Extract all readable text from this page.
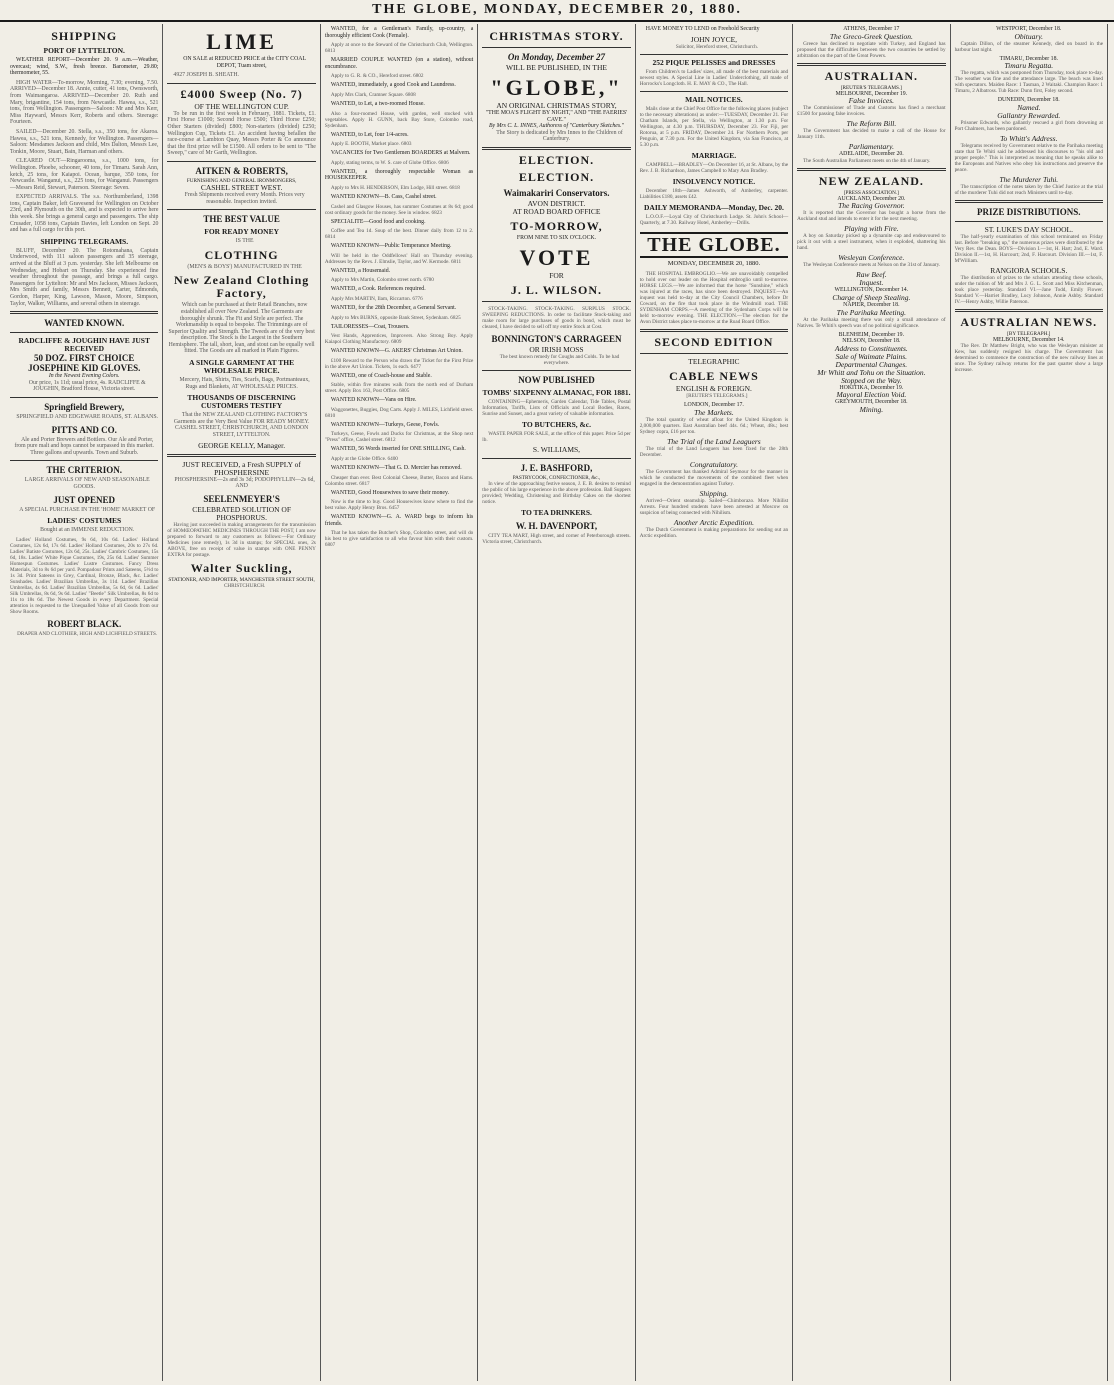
THE GLOBE, MONDAY, DECEMBER 20, 1880.
SHIPPING
PORT OF LYTTELTON.

WEATHER REPORT—December 20. 9 a.m.—Weather, overcast; wind, S.W., fresh breeze. Barometer, 29.80; thermometer, 55.

HIGH WATER—To-morrow, Morning, 7.30; evening, 7.50. ARRIVED—December 18. Annie, cutter, 41 tons, Ownsworth, from Waimangaroa. ARRIVED—December 20. Ruth and Mary, brigantine, 154 tons, from Newcastle. Hawea, s.s., 521 tons, from Wellington. Passengers—Saloon: Mr and Mrs Kerr, Miss Hayward, Messrs Kerr, Roberts and others. Steerage: Fourteen.

SAILED—December 20. Stella, s.s., 350 tons, for Akaroa. Hawea, s.s., 521 tons, Kennedy, for Wellington. Passengers—Saloon: Mesdames Jackson and child, Mrs Dalton, Messrs Lee, Tonkin, Moore, Stuart, Bain, Harman and others.

CLEARED OUT—Ringarooma, s.s., 1000 tons, for Wellington. Phoebe, schooner, 40 tons, for Timaru. Sarah Ann, ketch, 25 tons, for Kaiapoi. Ocean, barque, 350 tons, for Newcastle. Wanganui, s.s., 225 tons, for Wanganui. Passengers—Messrs Reid, Stewart, Paterson. Steerage: Seven.

EXPECTED ARRIVALS. The s.s. Northumberland, 1398 tons, Captain Baker, left Gravesend for Wellington on October 23rd, and Plymouth on the 30th, and is expected to arrive here this week. She brings a general cargo and passengers. The ship Crusader, 1058 tons, Captain Davies, left London on Sept. 20 and has a full cargo for this port.

SHIPPING TELEGRAMS.

BLUFF, December 20. The Rotomahana, Captain Underwood, with 111 saloon passengers and 35 steerage, arrived at the Bluff at 3 p.m. yesterday. She left Melbourne on Wednesday, and Hobart on Thursday. She experienced fine weather throughout the passage, and brings a full cargo. Passengers for Lyttelton: Mr and Mrs Jackson, Misses Jackson, Mrs Smith and family, Messrs Bennett, Carter, Edmonds, Gordon, Harper, King, Lawson, Mason, Moore, Simpson, Taylor, Walker, Williams, and several others in steerage.

WANTED KNOWN.
RADCLIFFE & JOUGHIN HAVE JUST RECEIVED
50 DOZ. FIRST CHOICE JOSEPHINE KID GLOVES.
In the Newest Evening Colors.

Our price, 1s 11d; usual price, 4s. RADCLIFFE & JOUGHIN, Bradford House, Victoria street.

Springfield Brewery,

SPRINGFIELD AND EDGEWARE ROADS, ST. ALBANS.

PITTS AND CO.

Ale and Porter Brewers and Bottlers. Our Ale and Porter, from pure malt and hops cannot be surpassed in this market. Three gallons and upwards. Town and Suburb.

THE CRITERION.

LARGE ARRIVALS OF NEW AND SEASONABLE GOODS.

JUST OPENED

A SPECIAL PURCHASE IN THE 'HOME' MARKET OF

LADIES' COSTUMES

Bought at an IMMENSE REDUCTION.

Ladies' Holland Costumes, 9s 6d, 10s 6d. Ladies' Holland Costumes, 12s 6d, 17s 6d. Ladies' Holland Costumes, 20s to 27s 6d. Ladies' Batiste Costumes, 12s 6d, 25s. Ladies' Cambric Costumes, 15s 6d, 18s. Ladies' White Pique Costumes, 19s, 25s 6d. Ladies' Summer Homespun Costumes. Ladies' Lustre Costumes. Fancy Dress Materials, 3d to 8s 6d per yard. Pompadour Prints and Sateens, 5½d to 1s 3d. Print Sateens in Grey, Cardinal, Bronze, Black, &c. Ladies' Sunshades. Ladies' Brazilian Umbrellas, 3s 11d. Ladies' Brazilian Umbrellas, 4s 6d. Ladies' Brazilian Umbrellas, 5s 6d, 6s 6d. Ladies' Silk Umbrellas, 8s 6d, 9s 6d. Ladies' "Beetle" Silk Umbrellas, 8s 6d to 11s to 18s 6d. The Newest Goods in every Department. Special attention is requested to the Unequalled Value of all Goods from our Show Rooms.

ROBERT BLACK.

DRAPER AND CLOTHIER, HIGH AND LICHFIELD STREETS.

LIME

ON SALE at REDUCED PRICE at the CITY COAL DEPOT, Tuam street,

4927 JOSEPH B. SHEATH.

£4000 Sweep (No. 7)
OF THE WELLINGTON CUP.

To be run in the first week in February, 1881. Tickets, £1. First Horse £1000; Second Horse £500; Third Horse £250; Other Starters (divided) £800; Non-starters (divided) £250; Wellington Cup, Tickets £1. An accident having befallen the race-course at Lambton Quay, Messrs Porter & Co announce that the first prize will be £1500. All orders to be sent to "The Sweep," care of Mr Garth, Wellington.

AITKEN & ROBERTS,
FURNISHING AND GENERAL IRONMONGERS,
CASHEL STREET WEST.

Fresh Shipments received every Month. Prices very reasonable. Inspection invited.

THE BEST VALUE
FOR READY MONEY

IS THE

CLOTHING

(MEN'S & BOYS') MANUFACTURED IN THE

New Zealand Clothing Factory,

Which can be purchased at their Retail Branches, now established all over New Zealand. The Garments are thoroughly shrunk. The Fit and Style are perfect. The Workmanship is equal to bespoke. The Trimmings are of Superior Quality and Strength. The Tweeds are of the very best description. The Stock is the Largest in the Southern Hemisphere. The tall, short, lean, and stout can be equally well fitted. The Goods are all marked in Plain Figures.

A SINGLE GARMENT AT THE WHOLESALE PRICE.

Mercery, Hats, Shirts, Ties, Scarfs, Bags, Portmanteaux, Rugs and Blankets, AT WHOLESALE PRICES.

THOUSANDS OF DISCERNING CUSTOMERS TESTIFY

That the NEW ZEALAND CLOTHING FACTORY'S Garments are the Very Best Value FOR READY MONEY. CASHEL STREET, CHRISTCHURCH, AND LONDON STREET, LYTTELTON.

GEORGE KELLY, Manager.
JUST RECEIVED, a Fresh SUPPLY of PHOSPHERSINE

PHOSPHERSINE—2s and 3s 3d; PODOPHYLLIN—2s 6d, AND

SEELENMEYER'S
CELEBRATED SOLUTION OF PHOSPHORUS.

Having just succeeded in making arrangements for the transmission of HOMŒOPATHIC MEDICINES THROUGH THE POST, I am now prepared to forward to any customers as follows:—For Ordinary Medicines (one remedy), 1s 3d in stamps; for SPECIAL ones, 2s ABOVE, free on receipt of value in stamps with ONE PENNY EXTRA for postage.

Walter Suckling,
STATIONER, AND IMPORTER, MANCHESTER STREET SOUTH,

CHRISTCHURCH.

WANTED, for a Gentleman's Family, up-country, a thoroughly efficient Cook (Female).

Apply at once to the Steward of the Christchurch Club, Wellington. 6813

MARRIED COUPLE WANTED (on a station), without encumbrance.

Apply to G. R. & CO., Hereford street. 6802

WANTED, immediately, a good Cook and Laundress.

Apply Mrs Clark, Cramner Square. 6808

WANTED, to Let, a two-roomed House.

Also a four-roomed House, with garden, well stocked with vegetables. Apply H. GUNN, back Bay Store, Colombo road, Sydenham.

WANTED, to Let, four 1/4-acres.

Apply E. BOOTH, Market place. 6803

VACANCIES for Two Gentlemen BOARDERS at Malvern.

Apply, stating terms, to W. S. care of Globe Office. 6806

WANTED, a thoroughly respectable Woman as HOUSEKEEPER.

Apply to Mrs H. HENDERSON, Elm Lodge, Hill street. 6818

WANTED KNOWN—B. Cass, Cashel street.

Cashel and Glasgow Houses, has summer Costumes at 8s 6d; good cost ordinary goods for the money. See in window. 6823

SPECIALITE—Good food and cooking.

Coffee and Tea 1d. Soup of the best. Dinner daily from 12 to 2. 6814

WANTED KNOWN—Public Temperance Meeting.

Will be held in the Oddfellows' Hall on Thursday evening. Addresses by the Revs. J. Elmslie, Taylor, and W. Kermode. 6811

WANTED, a Housemaid.

Apply to Mrs Martin, Colombo street north. 6780

WANTED, a Cook. References required.

Apply Mrs MARTIN, Ilam, Riccarton. 6776

WANTED, for the 28th December, a General Servant.

Apply to Mrs BURNS, opposite Bank Street, Sydenham. 6825

TAILORESSES—Coat, Trousers.

Vest Hands, Apprentices, Improvers. Also Strong Boy. Apply Kaiapoi Clothing Manufactory. 6809

WANTED KNOWN—G. AKERS' Christmas Art Union.

£100 Reward to the Person who draws the Ticket for the First Prize in the above Art Union. Tickets, 1s each. 6477

WANTED, one of Coach-house and Stable.

Stable, within five minutes walk from the north end of Durham street. Apply Box 163, Post Office. 6805

WANTED KNOWN—Vans on Hire.

Waggonettes, Buggies, Dog Carts. Apply J. MILES, Lichfield street. 6810

WANTED KNOWN—Turkeys, Geese, Fowls.

Turkeys, Geese, Fowls and Ducks for Christmas, at the Shop next "Press" office, Cashel street. 6812

WANTED, 56 Words inserted for ONE SHILLING, Cash.

Apply at the Globe Office. 6400

WANTED KNOWN—That G. D. Mercier has removed.

Cheaper than ever. Best Colonial Cheese, Butter, Bacon and Hams. Colombo street. 6817

WANTED, Good Housewives to save their money.

Now is the time to buy. Good Housewives know where to find the best value. Apply Henry Bros. 6457

WANTED KNOWN—G. A. WARD begs to inform his friends.

That he has taken the Butcher's Shop, Colombo street, and will do his best to give satisfaction to all who favour him with their custom. 6807

CHRISTMAS STORY.
On Monday, December 27
WILL BE PUBLISHED, IN THE
"GLOBE,"
AN ORIGINAL CHRISTMAS STORY,
"THE MOA'S FLIGHT BY NIGHT," AND "THE FAERIES' CAVE."
By Mrs C. L. INNES, Authoress of "Canterbury Sketches."

The Story is dedicated by Mrs Innes to the Children of Canterbury.

ELECTION.
ELECTION.
Waimakariri Conservators.
AVON DISTRICT.
AT ROAD BOARD OFFICE
TO-MORROW,
FROM NINE TO SIX O'CLOCK.
VOTE
FOR
J. L. WILSON.

STOCK-TAKING. STOCK-TAKING. SURPLUS STOCK. SWEEPING REDUCTIONS. In order to facilitate Stock-taking and make room for large purchases of goods in bond, which must be cleared, I have decided to sell off my entire Stock at Cost.

BONNINGTON'S CARRAGEEN
OR IRISH MOSS

The best known remedy for Coughs and Colds. To be had everywhere.

NOW PUBLISHED
TOMBS' SIXPENNY ALMANAC, FOR 1881.

CONTAINING—Ephemeris, Garden Calendar, Tide Tables, Postal Information, Tariffs, Lists of Officials and Local Bodies, Races, Sunrise and Sunset, and a great variety of valuable information.

TO BUTCHERS, &c.

WASTE PAPER FOR SALE, at the office of this paper. Price 5d per lb.

S. WILLIAMS,
J. E. BASHFORD,
PASTRYCOOK, CONFECTIONER, &c.,

In view of the approaching festive season, J. E. B. desires to remind the public of his large experience in the above profession. Ball Suppers provided; Wedding, Christening and Birthday Cakes on the shortest notice.

TO TEA DRINKERS.
W. H. DAVENPORT,

CITY TEA MART, High street, and corner of Peterborough streets. Victoria street, Christchurch.

HAVE MONEY TO LEND on Freehold Security

JOHN JOYCE,

Solicitor, Hereford street, Christchurch.

252 PIQUE PELISSES and DRESSES

From Children's to Ladies' sizes, all made of the best materials and newest styles. A Special Line in Ladies' Underclothing, all made of Horrocks's Longcloth. H. E. MAY & CO., The Hall.

MAIL NOTICES.

Mails close at the Chief Post Office for the following places (subject to the necessary alterations) as under:—TUESDAY, December 21. For Chatham Islands, per Stella, via Wellington, at 1.30 p.m. For Wellington, at 4.30 p.m. THURSDAY, December 23. For Fiji, per Rotorua, at 5 p.m. FRIDAY, December 24. For Northern Ports, per Penguin, at 7.30 p.m. For the United Kingdom, via San Francisco, at 5.30 p.m.

MARRIAGE.

CAMPBELL—BRADLEY—On December 16, at St. Albans, by the Rev. J. B. Richardson, James Campbell to Mary Ann Bradley.

INSOLVENCY NOTICE.

December 18th—James Ashworth, of Amberley, carpenter. Liabilities £180, assets £42.

DAILY MEMORANDA—Monday, Dec. 20.

L.O.O.F.—Loyal City of Christchurch Lodge. St. John's School—Quarterly, at 7.30. Railway Hotel, Amberley—Drills.

THE GLOBE.
MONDAY, DECEMBER 20, 1880.

THE HOSPITAL EMBROGLIO.—We are unavoidably compelled to hold over our leader on the Hospital embroglio until to-morrow. HORSE LEGS.—We are informed that the horse "Sunshine," which was injured at the races, has since been destroyed. INQUEST.—An inquest was held to-day at the City Council Chambers, before Dr Coward, on the fire that took place in the Windmill road. THE SYDENHAM CORPS.—A meeting of the Sydenham Corps will be held to-morrow evening. THE ELECTION.—The election for the Avon District takes place to-morrow at the Road Board Office.

SECOND EDITION
TELEGRAPHIC
CABLE NEWS
ENGLISH & FOREIGN.

[REUTER'S TELEGRAMS.]

LONDON, December 17.
The Markets.

The total quantity of wheat afloat for the United Kingdom is 2,000,000 quarters. East Australian beef 44s. 6d.; Wheat, 48s.; best Sydney copra, £16 per ton.

The Trial of the Land Leaguers

The trial of the Land Leaguers has been fixed for the 28th December.

Congratulatory.

The Government has thanked Admiral Seymour for the manner in which he conducted the movements of the combined fleet when engaged in the demonstration against Turkey.

Shipping.

Arrived—Orient steamship. Sailed—Chimborazo. More Nihilist Arrests. Four hundred students have been arrested at Moscow on suspicion of being connected with Nihilism.

Another Arctic Expedition.

The Dutch Government is making preparations for sending out an Arctic expedition.

ATHENS, December 17
The Greco-Greek Question.

Greece has declined to negotiate with Turkey, and England has proposed that the difficulties between the two countries be settled by arbitration on the part of the Great Powers.

AUSTRALIAN.
[REUTER'S TELEGRAMS.]
MELBOURNE, December 19.
False Invoices.

The Commissioner of Trade and Customs has fined a merchant £1500 for passing false invoices.

The Reform Bill.

The Government has decided to make a call of the House for January 11th.

Parliamentary.
ADELAIDE, December 20.

The South Australian Parliament meets on the 4th of January.

NEW ZEALAND.
[PRESS ASSOCIATION.]
AUCKLAND, December 20.
The Racing Governor.

It is reported that the Governor has bought a horse from the Auckland stud and intends to enter it for the next meeting.

Playing with Fire.

A boy on Saturday picked up a dynamite cap and endeavoured to pick it out with a steel instrument, when it exploded, shattering his hand.

Wesleyan Conference.

The Wesleyan Conference meets at Nelson on the 31st of January.

Raw Beef.
Inquest.
WELLINGTON, December 14.
Charge of Sheep Stealing.
NAPIER, December 18.
The Parihaka Meeting.

At the Parihaka meeting there was only a small attendance of Natives. Te Whiti's speech was of no political significance.

BLENHEIM, December 19.
NELSON, December 18.
Address to Constituents.
Sale of Waimate Plains.
Departmental Changes.
Mr Whitt and Tohu on the Situation.
Stopped on the Way.
HOKITIKA, December 19.
Mayoral Election Void.
GREYMOUTH, December 18.
Mining.
WESTPORT, December 18.
Obituary.

Captain Dillon, of the steamer Kennedy, died on board in the harbour last night.

TIMARU, December 18.
Timaru Regatta.

The regatta, which was postponed from Thursday, took place to-day. The weather was fine and the attendance large. The beach was lined with spectators. Maiden Race: 1 Tasman, 2 Waitaki. Champion Race: 1 Timaru, 2 Albatross. Tub Race: Dunn first, Foley second.

DUNEDIN, December 18.
Named.
Gallantry Rewarded.

Prisoner Edwards, who gallantly rescued a girl from drowning at Port Chalmers, has been pardoned.

To Whitt's Address.

Telegrams received by Government relative to the Parihaka meeting state that Te Whiti said he addressed his discourses to "his old and proper people." This is interpreted as meaning that he speaks alike to the Europeans and Natives who obey his instructions and preserve the peace.

The Murderer Tuhi.

The transcription of the notes taken by the Chief Justice at the trial of the murderer Tuhi did not reach Ministers until to-day.

PRIZE DISTRIBUTIONS.
ST. LUKE'S DAY SCHOOL.

The half-yearly examination of this school terminated on Friday last. Before "breaking up," the numerous prizes were distributed by the Very Rev. the Dean. BOYS—Division I.—1st, H. Hart; 2nd, E. Ward. Division II.—1st, H. Harcourt; 2nd, F. Harcourt. Division III.—1st, F. M'William.

RANGIORA SCHOOLS.

The distribution of prizes to the scholars attending these schools, under the tuition of Mr and Mrs J. G. L. Scott and Miss Kitchenman, took place yesterday. Standard VI.—Jane Todd, Emily Flower. Standard V.—Harriet Bradley, Lucy Johnson, Annie Ashby. Standard IV.—Henry Ashby, Willie Paterson.

AUSTRALIAN NEWS.
[BY TELEGRAPH.]
MELBOURNE, December 14.

The Rev. Dr Matthew Bright, who was the Wesleyan minister at Kew, has suddenly resigned his charge. The Government has determined to commence the construction of the new railway lines at once. The Sydney railway returns for the past quarter show a large increase.
